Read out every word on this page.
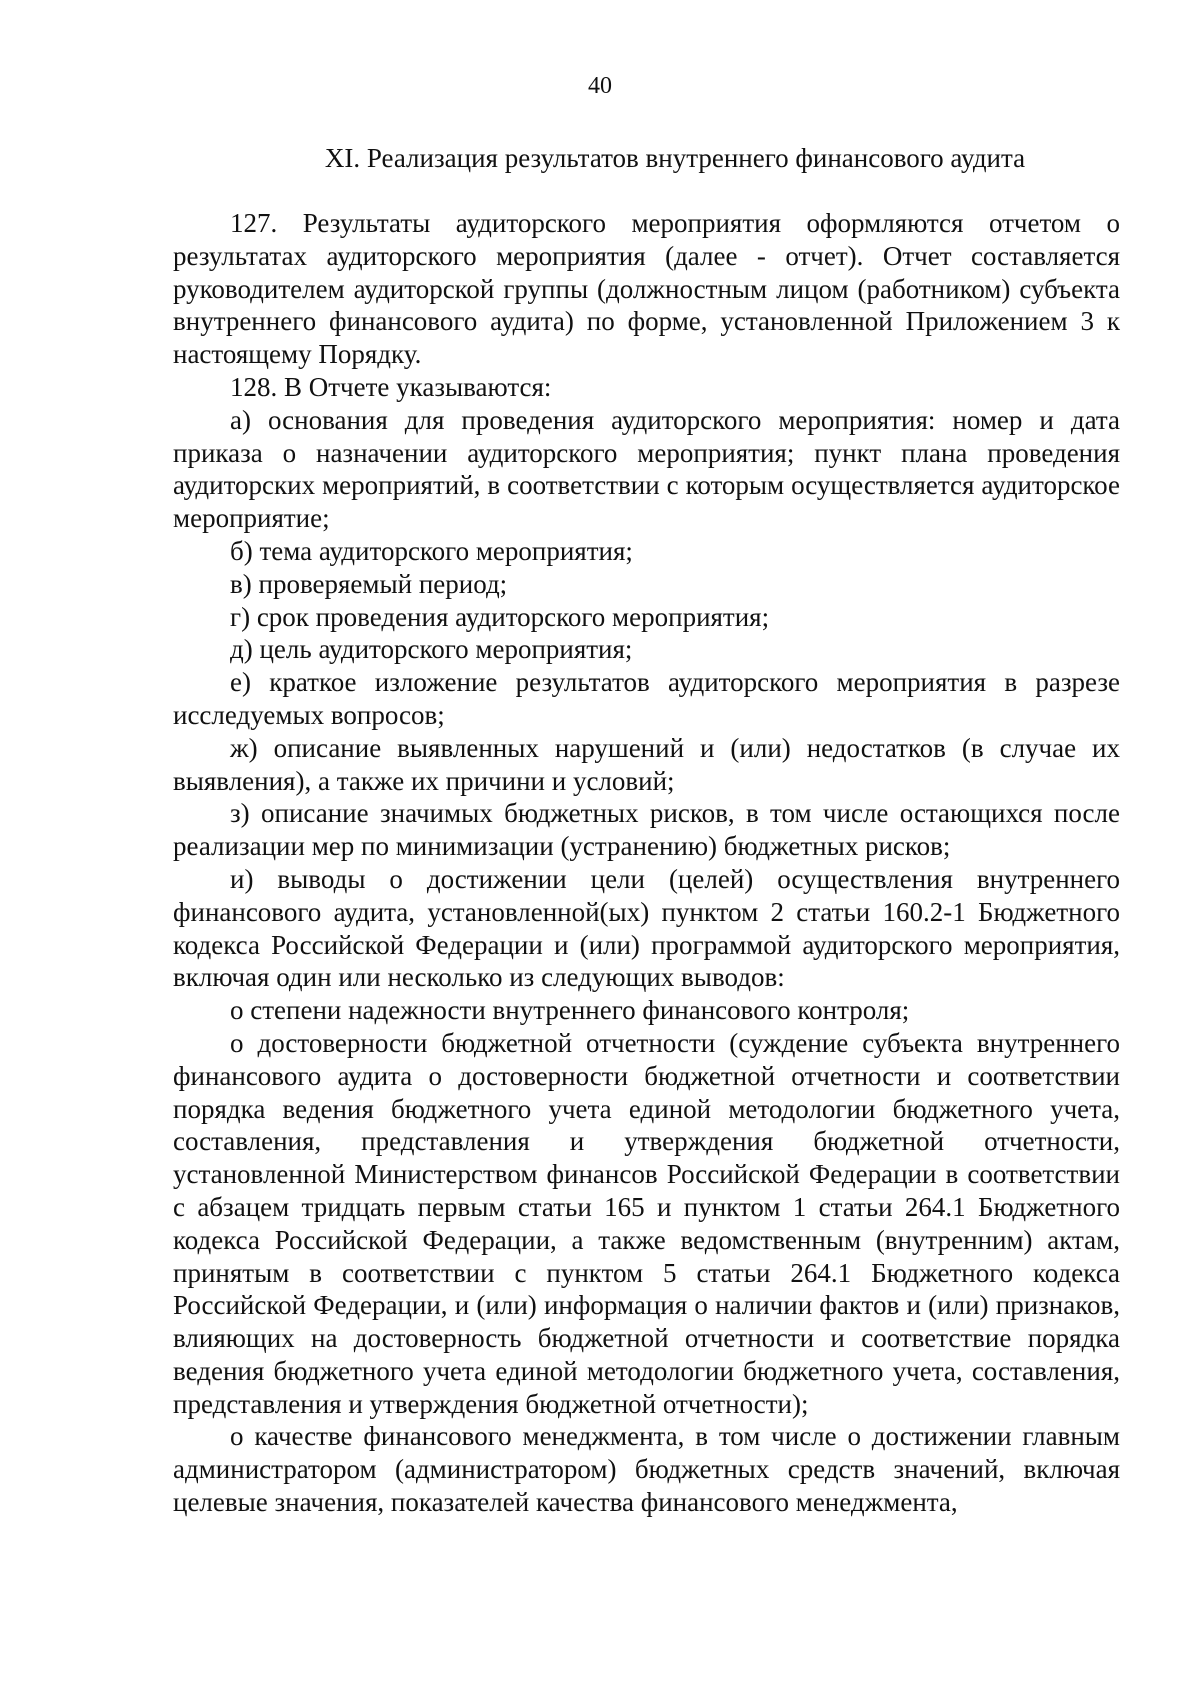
40
XI. Реализация результатов внутреннего финансового аудита

127. Результаты аудиторского мероприятия оформляются отчетом о результатах аудиторского мероприятия (далее - отчет). Отчет составляется руководителем аудиторской группы (должностным лицом (работником) субъекта внутреннего финансового аудита) по форме, установленной Приложением 3 к настоящему Порядку.

128. В Отчете указываются:

а) основания для проведения аудиторского мероприятия: номер и дата приказа о назначении аудиторского мероприятия; пункт плана проведения аудиторских мероприятий, в соответствии с которым осуществляется аудиторское мероприятие;

б) тема аудиторского мероприятия;

в) проверяемый период;

г) срок проведения аудиторского мероприятия;

д) цель аудиторского мероприятия;

е) краткое изложение результатов аудиторского мероприятия в разрезе исследуемых вопросов;

ж) описание выявленных нарушений и (или) недостатков (в случае их выявления), а также их причини и условий;

з) описание значимых бюджетных рисков, в том числе остающихся после реализации мер по минимизации (устранению) бюджетных рисков;

и) выводы о достижении цели (целей) осуществления внутреннего финансового аудита, установленной(ых) пунктом 2 статьи 160.2-1 Бюджетного кодекса Российской Федерации и (или) программой аудиторского мероприятия, включая один или несколько из следующих выводов:

о степени надежности внутреннего финансового контроля;

о достоверности бюджетной отчетности (суждение субъекта внутреннего финансового аудита о достоверности бюджетной отчетности и соответствии порядка ведения бюджетного учета единой методологии бюджетного учета, составления, представления и утверждения бюджетной отчетности, установленной Министерством финансов Российской Федерации в соответствии с абзацем тридцать первым статьи 165 и пунктом 1 статьи 264.1 Бюджетного кодекса Российской Федерации, а также ведомственным (внутренним) актам, принятым в соответствии с пунктом 5 статьи 264.1 Бюджетного кодекса Российской Федерации, и (или) информация о наличии фактов и (или) признаков, влияющих на достоверность бюджетной отчетности и соответствие порядка ведения бюджетного учета единой методологии бюджетного учета, составления, представления и утверждения бюджетной отчетности);

о качестве финансового менеджмента, в том числе о достижении главным администратором (администратором) бюджетных средств значений, включая целевые значения, показателей качества финансового менеджмента,
